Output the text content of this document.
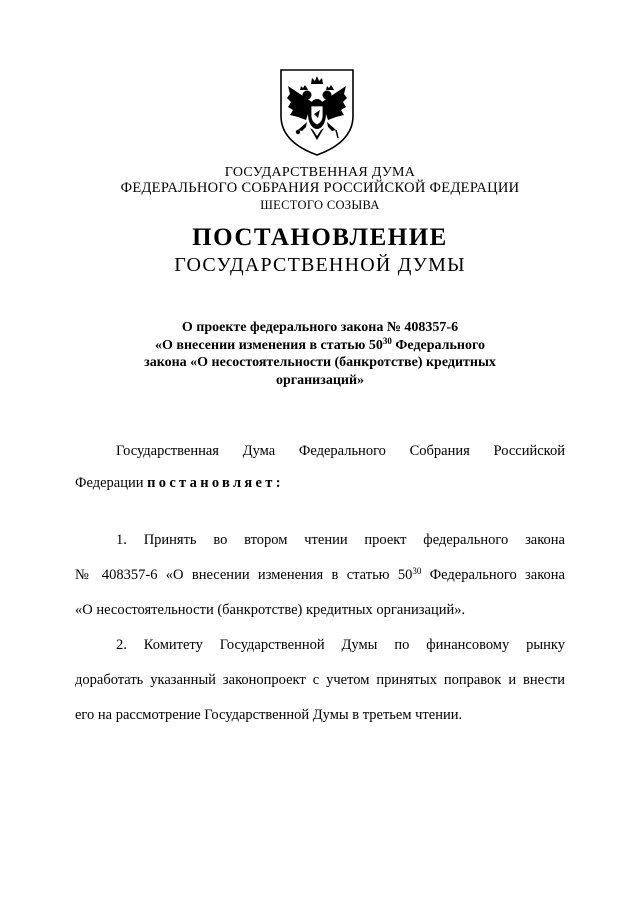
ГОСУДАРСТВЕННАЯ ДУМА
ФЕДЕРАЛЬНОГО СОБРАНИЯ РОССИЙСКОЙ ФЕДЕРАЦИИ
ШЕСТОГО СОЗЫВА
ПОСТАНОВЛЕНИЕ
ГОСУДАРСТВЕННОЙ ДУМЫ
О проекте федерального закона № 408357-6
«О внесении изменения в статью $50^{30}$ Федерального
закона «О несостоятельности (банкротстве) кредитных
организаций»
Государственная Дума Федерального Собрания Российской
Федерации постановляет:
1. Принять во втором чтении проект федерального закона
№ 408357-6 «О внесении изменения в статью $50^{30}$ Федерального закона
«О несостоятельности (банкротстве) кредитных организаций».
2. Комитету Государственной Думы по финансовому рынку
доработать указанный законопроект с учетом принятых поправок и внести
его на рассмотрение Государственной Думы в третьем чтении.
